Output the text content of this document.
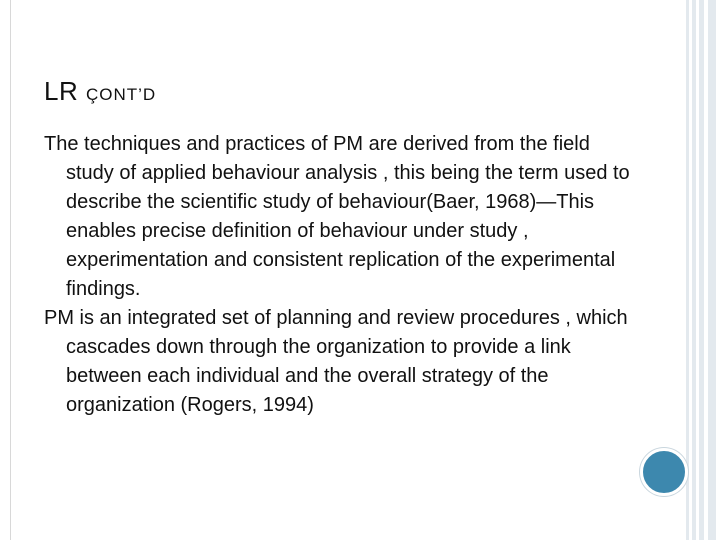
LR ÇONT’D

The techniques and practices of PM are derived from the field study of applied behaviour analysis , this being the term used to describe the scientific study of behaviour(Baer, 1968)—This enables precise definition of behaviour under study , experimentation and consistent replication of the experimental findings.

PM is an integrated set of planning and review procedures , which cascades down through the organization to provide a link between each individual and the overall strategy of the organization (Rogers, 1994)
